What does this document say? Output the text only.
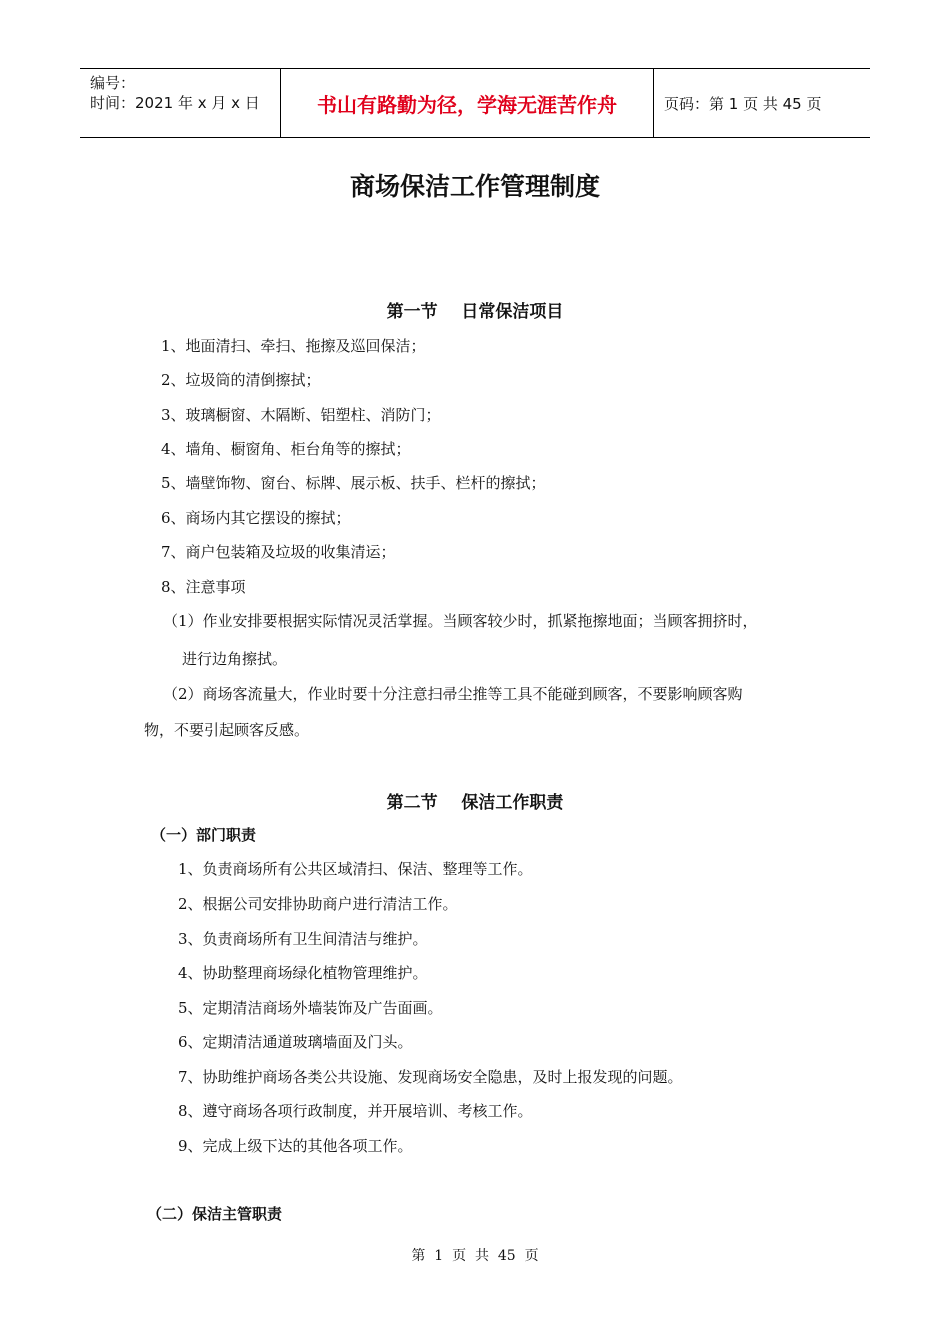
编号：
时间：2021 年 x 月 x 日	书山有路勤为径，学海无涯苦作舟	页码：第 1 页 共 45 页
商场保洁工作管理制度
第一节    日常保洁项目
1、地面清扫、牵扫、拖擦及巡回保洁；
2、垃圾筒的清倒擦拭；
3、玻璃橱窗、木隔断、铝塑柱、消防门；
4、墙角、橱窗角、柜台角等的擦拭；
5、墙壁饰物、窗台、标牌、展示板、扶手、栏杆的擦拭；
6、商场内其它摆设的擦拭；
7、商户包装箱及垃圾的收集清运；
8、注意事项
（1）作业安排要根据实际情况灵活掌握。当顾客较少时，抓紧拖擦地面；当顾客拥挤时，
进行边角擦拭。
（2）商场客流量大，作业时要十分注意扫帚尘推等工具不能碰到顾客，不要影响顾客购
物，不要引起顾客反感。
第二节    保洁工作职责
（一）部门职责
1、负责商场所有公共区域清扫、保洁、整理等工作。
2、根据公司安排协助商户进行清洁工作。
3、负责商场所有卫生间清洁与维护。
4、协助整理商场绿化植物管理维护。
5、定期清洁商场外墙装饰及广告面画。
6、定期清洁通道玻璃墙面及门头。
7、协助维护商场各类公共设施、发现商场安全隐患，及时上报发现的问题。
8、遵守商场各项行政制度，并开展培训、考核工作。
9、完成上级下达的其他各项工作。
（二）保洁主管职责
第  1  页  共  45  页
